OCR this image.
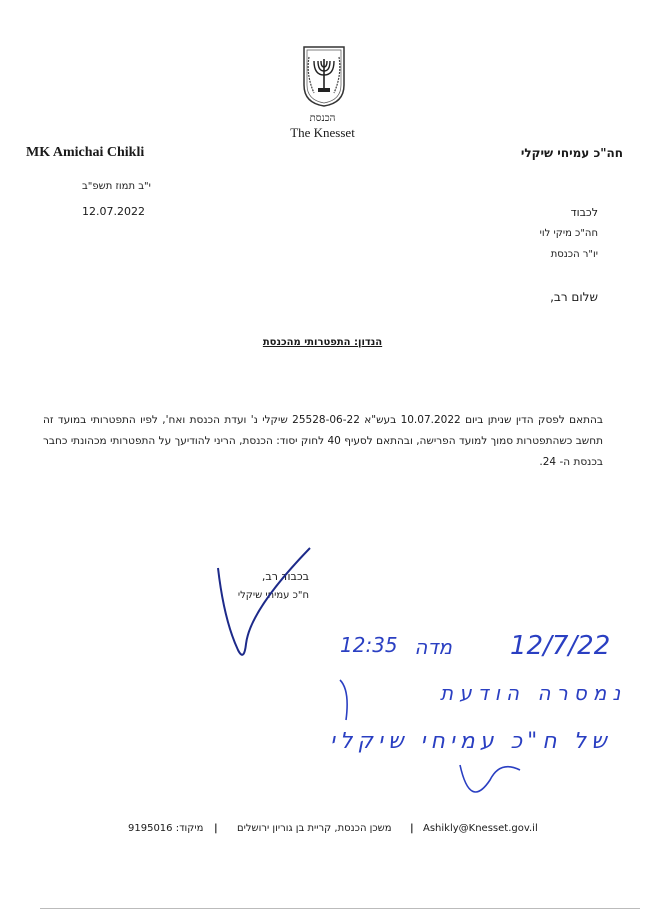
הכנסת
The Knesset
MK Amichai Chikli	חה"כ עמיחי שיקלי
י"ב תמוז תשפ"ב
12.07.2022	לכבוד
חה"כ מיקי לוי
יו"ר הכנסת
שלום רב,
הנדון: התפטרותי מהכנסת
בהתאם לפסק הדין שניתן ביום 10.07.2022 בעש"א 25528-06-22 שיקלי נ' ועדת הכנסת ואח', לפיו התפטרותי במועד זה תחשב כשהתפטרות סמוך למועד הפרישה, ובהתאם לסעיף 40 לחוק יסוד: הכנסת, הריני להודיעך על התפטרותי מכהונתי כחבר בכנסת ה- 24.
בכבוד רב,
ח"כ עמיחי שיקלי
12:35 מדה 12/7/22
נמסרה הודעת
של ח"כ עמיחי שיקלי
Ashikly@Knesset.gov.il
|
משכן הכנסת, קריית בן גוריון ירושלים
|
מיקוד: 9195016
